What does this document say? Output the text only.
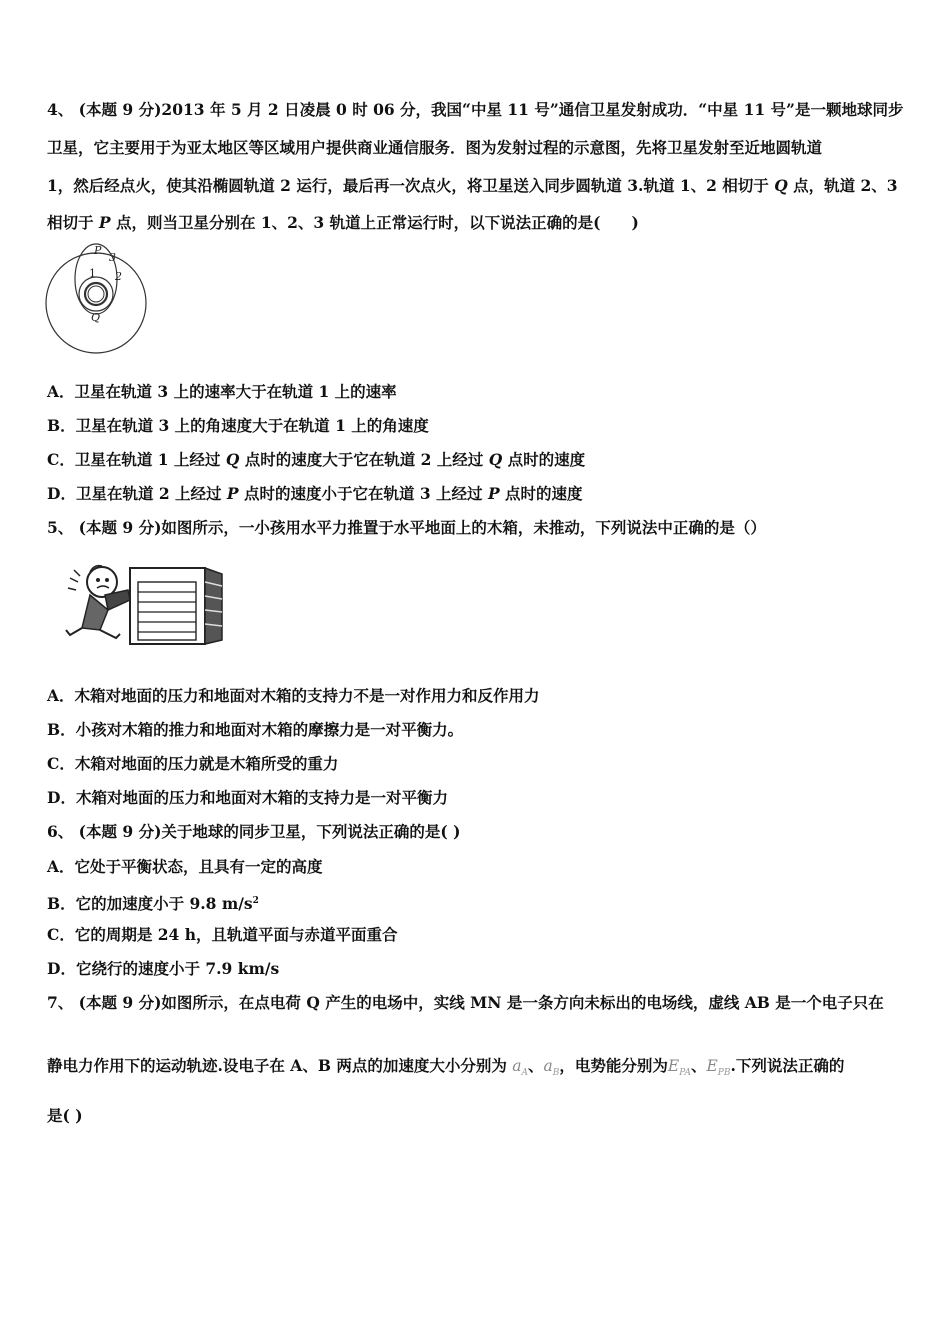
4、 (本题 9 分)2013 年 5 月 2 日凌晨 0 时 06 分，我国“中星 11 号”通信卫星发射成功．“中星 11 号”是一颗地球同步
卫星，它主要用于为亚太地区等区域用户提供商业通信服务．图为发射过程的示意图，先将卫星发射至近地圆轨道
1，然后经点火，使其沿椭圆轨道 2 运行，最后再一次点火，将卫星送入同步圆轨道 3.轨道 1、2 相切于 Q 点，轨道 2、3
相切于 P 点，则当卫星分别在 1、2、3 轨道上正常运行时，以下说法正确的是(　　)
P
3
1 2
Q
A．卫星在轨道 3 上的速率大于在轨道 1 上的速率
B．卫星在轨道 3 上的角速度大于在轨道 1 上的角速度
C．卫星在轨道 1 上经过 Q 点时的速度大于它在轨道 2 上经过 Q 点时的速度
D．卫星在轨道 2 上经过 P 点时的速度小于它在轨道 3 上经过 P 点时的速度
5、 (本题 9 分)如图所示，一小孩用水平力推置于水平地面上的木箱，未推动，下列说法中正确的是（）
A．木箱对地面的压力和地面对木箱的支持力不是一对作用力和反作用力
B．小孩对木箱的推力和地面对木箱的摩擦力是一对平衡力。
C．木箱对地面的压力就是木箱所受的重力
D．木箱对地面的压力和地面对木箱的支持力是一对平衡力
6、 (本题 9 分)关于地球的同步卫星，下列说法正确的是( )
A．它处于平衡状态，且具有一定的高度
B．它的加速度小于 9.8 $m/s^2$
C．它的周期是 24 h，且轨道平面与赤道平面重合
D．它绕行的速度小于 7.9 km/s
7、 (本题 9 分)如图所示，在点电荷 Q 产生的电场中，实线 MN 是一条方向未标出的电场线，虚线 AB 是一个电子只在
静电力作用下的运动轨迹.设电子在 A、B 两点的加速度大小分别为 $a_A$、$a_B$，电势能分别为$E_{PA}$、$E_{PB}$.下列说法正确的
是( )
